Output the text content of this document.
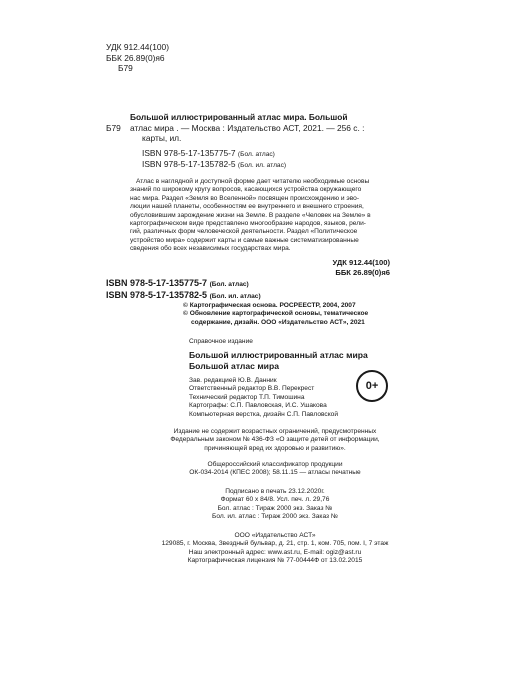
УДК 912.44(100)
ББК 26.89(0)я6
Б79
Большой иллюстрированный атлас мира. Большой
Б79	атлас мира . — Москва : Издательство АСТ, 2021. — 256 с. :
карты, ил.
ISBN 978-5-17-135775-7 (Бол. атлас)
ISBN 978-5-17-135782-5 (Бол. ил. атлас)
Атлас в наглядной и доступной форме дает читателю необходимые основы
знаний по широкому кругу вопросов, касающихся устройства окружающего
нас мира. Раздел «Земля во Вселенной» посвящен происхождению и эво-
люции нашей планеты, особенностям ее внутреннего и внешнего строения,
обусловившим зарождение жизни на Земле. В разделе «Человек на Земле» в
картографическом виде представлено многообразие народов, языков, рели-
гий, различных форм человеческой деятельности. Раздел «Политическое
устройство мира» содержит карты и самые важные систематизированные
сведения обо всех независимых государствах мира.
УДК 912.44(100)
ББК 26.89(0)я6
ISBN 978-5-17-135775-7 (Бол. атлас)
ISBN 978-5-17-135782-5 (Бол. ил. атлас)
© Картографическая основа. РОСРЕЕСТР, 2004, 2007
© Обновление картографической основы, тематическое
содержание, дизайн. ООО «Издательство АСТ», 2021
Справочное издание
Большой иллюстрированный атлас мира
Большой атлас мира
Зав. редакцией Ю.В. Данник
Ответственный редактор В.В. Перекрест
Технический редактор Т.П. Тимошина
Картографы: С.П. Павловская, И.С. Ушакова
Компьютерная верстка, дизайн С.П. Павловской
0+
Издание не содержит возрастных ограничений, предусмотренных
Федеральным законом № 436-ФЗ «О защите детей от информации,
причиняющей вред их здоровью и развитию».
Общероссийский классификатор продукции
ОК-034-2014 (КПЕС 2008); 58.11.15 — атласы печатные
Подписано в печать 23.12.2020г.
Формат 60 х 84/8. Усл. печ. л. 29,76
Бол. атлас : Тираж 2000 экз. Заказ №
Бол. ил. атлас : Тираж 2000 экз. Заказ №
ООО «Издательство АСТ»
129085, г. Москва, Звездный бульвар, д. 21, стр. 1, ком. 705, пом. I, 7 этаж
Наш электронный адрес: www.ast.ru, E-mail: ogiz@ast.ru
Картографическая лицензия № 77-00444Ф от 13.02.2015
